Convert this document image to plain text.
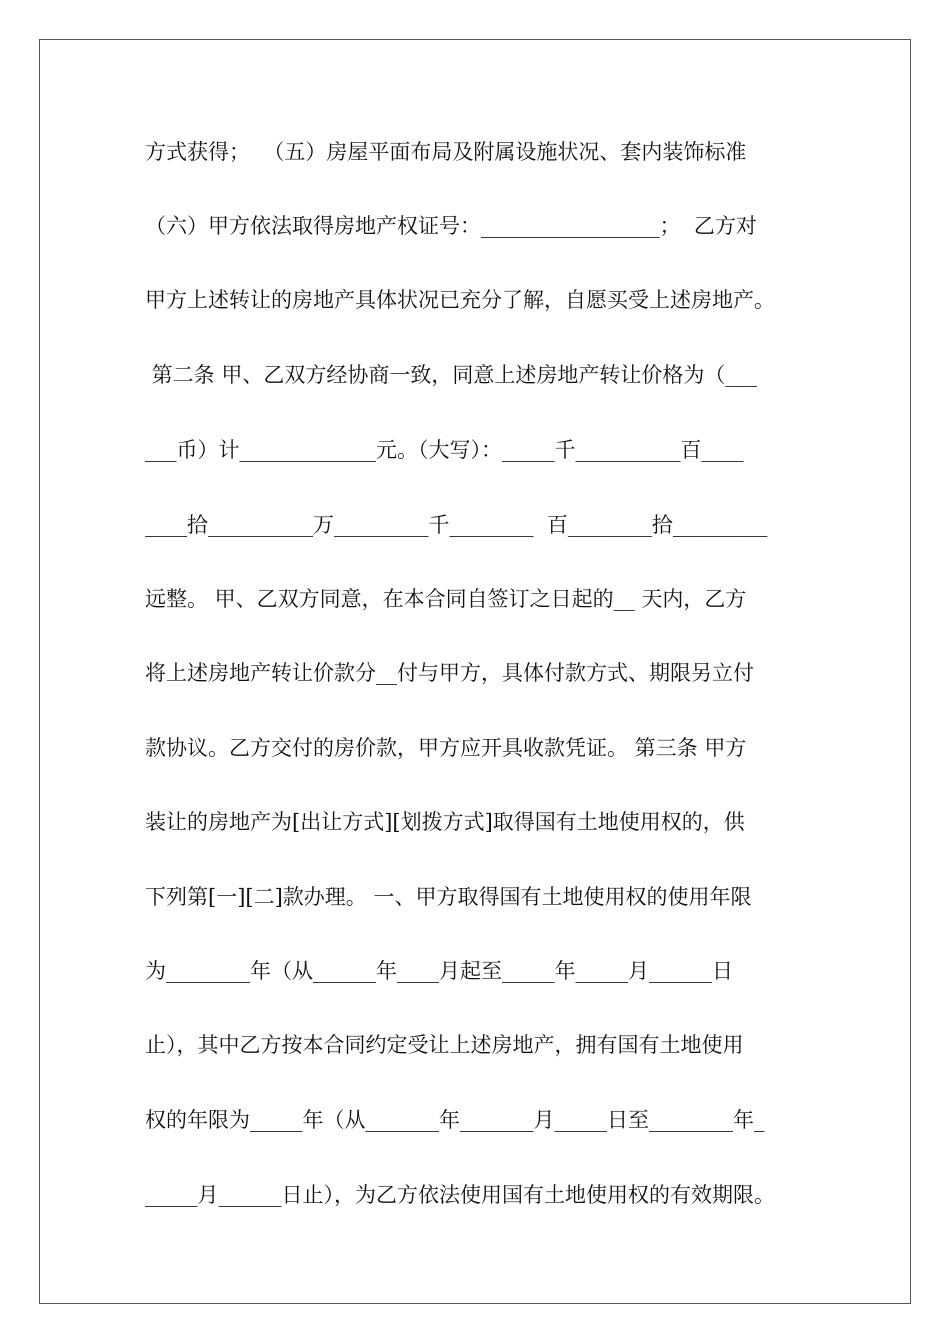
方式获得；  （五）房屋平面布局及附属设施状况、套内装饰标准
（六）甲方依法取得房地产权证号：_________________；  乙方对
甲方上述转让的房地产具体状况已充分了解，自愿买受上述房地产。
第二条 甲、乙双方经协商一致，同意上述房地产转让价格为（___
___币）计_____________元。（大写）：_____千__________百____
____拾__________万_________千________  百________拾_________
远整。 甲、乙双方同意，在本合同自签订之日起的__ 天内，乙方
将上述房地产转让价款分__付与甲方，具体付款方式、期限另立付
款协议。乙方交付的房价款，甲方应开具收款凭证。 第三条 甲方
装让的房地产为[出让方式][划拨方式]取得国有土地使用权的，供
下列第[一][二]款办理。 一、甲方取得国有土地使用权的使用年限
为________年（从______年____月起至_____年_____月______日
止），其中乙方按本合同约定受让上述房地产，拥有国有土地使用
权的年限为_____年（从_______年_______月_____日至________年_
_____月______日止），为乙方依法使用国有土地使用权的有效期限。
